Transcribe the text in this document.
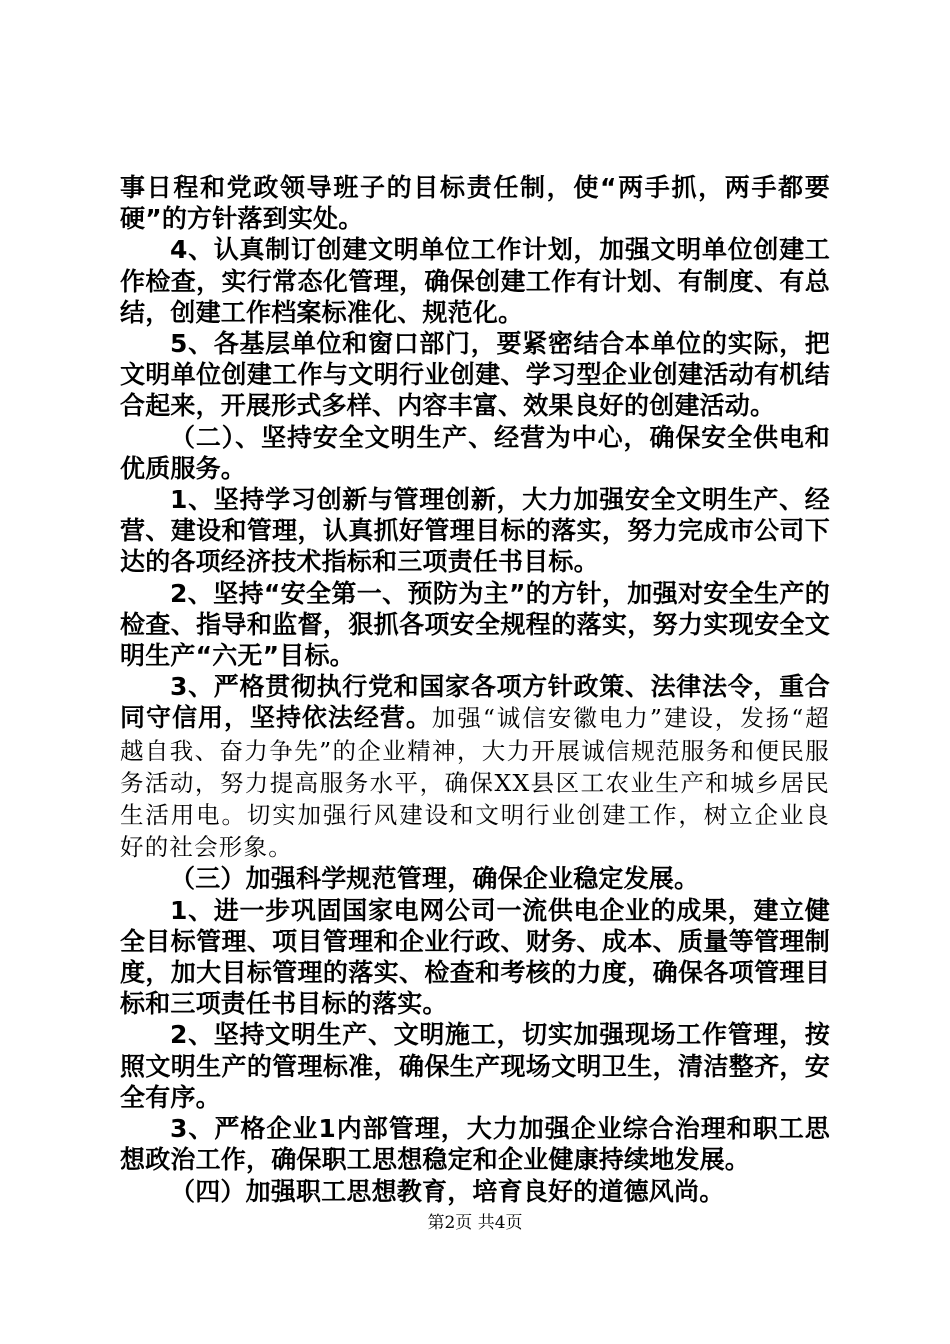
事日程和党政领导班子的目标责任制，使“两手抓，两手都要硬”的方针落到实处。

4、认真制订创建文明单位工作计划，加强文明单位创建工作检查，实行常态化管理，确保创建工作有计划、有制度、有总结，创建工作档案标准化、规范化。

5、各基层单位和窗口部门，要紧密结合本单位的实际，把文明单位创建工作与文明行业创建、学习型企业创建活动有机结合起来，开展形式多样、内容丰富、效果良好的创建活动。

（二）、坚持安全文明生产、经营为中心，确保安全供电和优质服务。

1、坚持学习创新与管理创新，大力加强安全文明生产、经营、建设和管理，认真抓好管理目标的落实，努力完成市公司下达的各项经济技术指标和三项责任书目标。

2、坚持“安全第一、预防为主”的方针，加强对安全生产的检查、指导和监督，狠抓各项安全规程的落实，努力实现安全文明生产“六无”目标。

3、严格贯彻执行党和国家各项方针政策、法律法令，重合同守信用，坚持依法经营。加强“诚信安徽电力”建设，发扬“超越自我、奋力争先”的企业精神，大力开展诚信规范服务和便民服务活动，努力提高服务水平，确保XX县区工农业生产和城乡居民生活用电。切实加强行风建设和文明行业创建工作，树立企业良好的社会形象。

（三）加强科学规范管理，确保企业稳定发展。

1、进一步巩固国家电网公司一流供电企业的成果，建立健全目标管理、项目管理和企业行政、财务、成本、质量等管理制度，加大目标管理的落实、检查和考核的力度，确保各项管理目标和三项责任书目标的落实。

2、坚持文明生产、文明施工，切实加强现场工作管理，按照文明生产的管理标准，确保生产现场文明卫生，清洁整齐，安全有序。

3、严格企业1内部管理，大力加强企业综合治理和职工思想政治工作，确保职工思想稳定和企业健康持续地发展。

（四）加强职工思想教育，培育良好的道德风尚。

第2页 共4页
